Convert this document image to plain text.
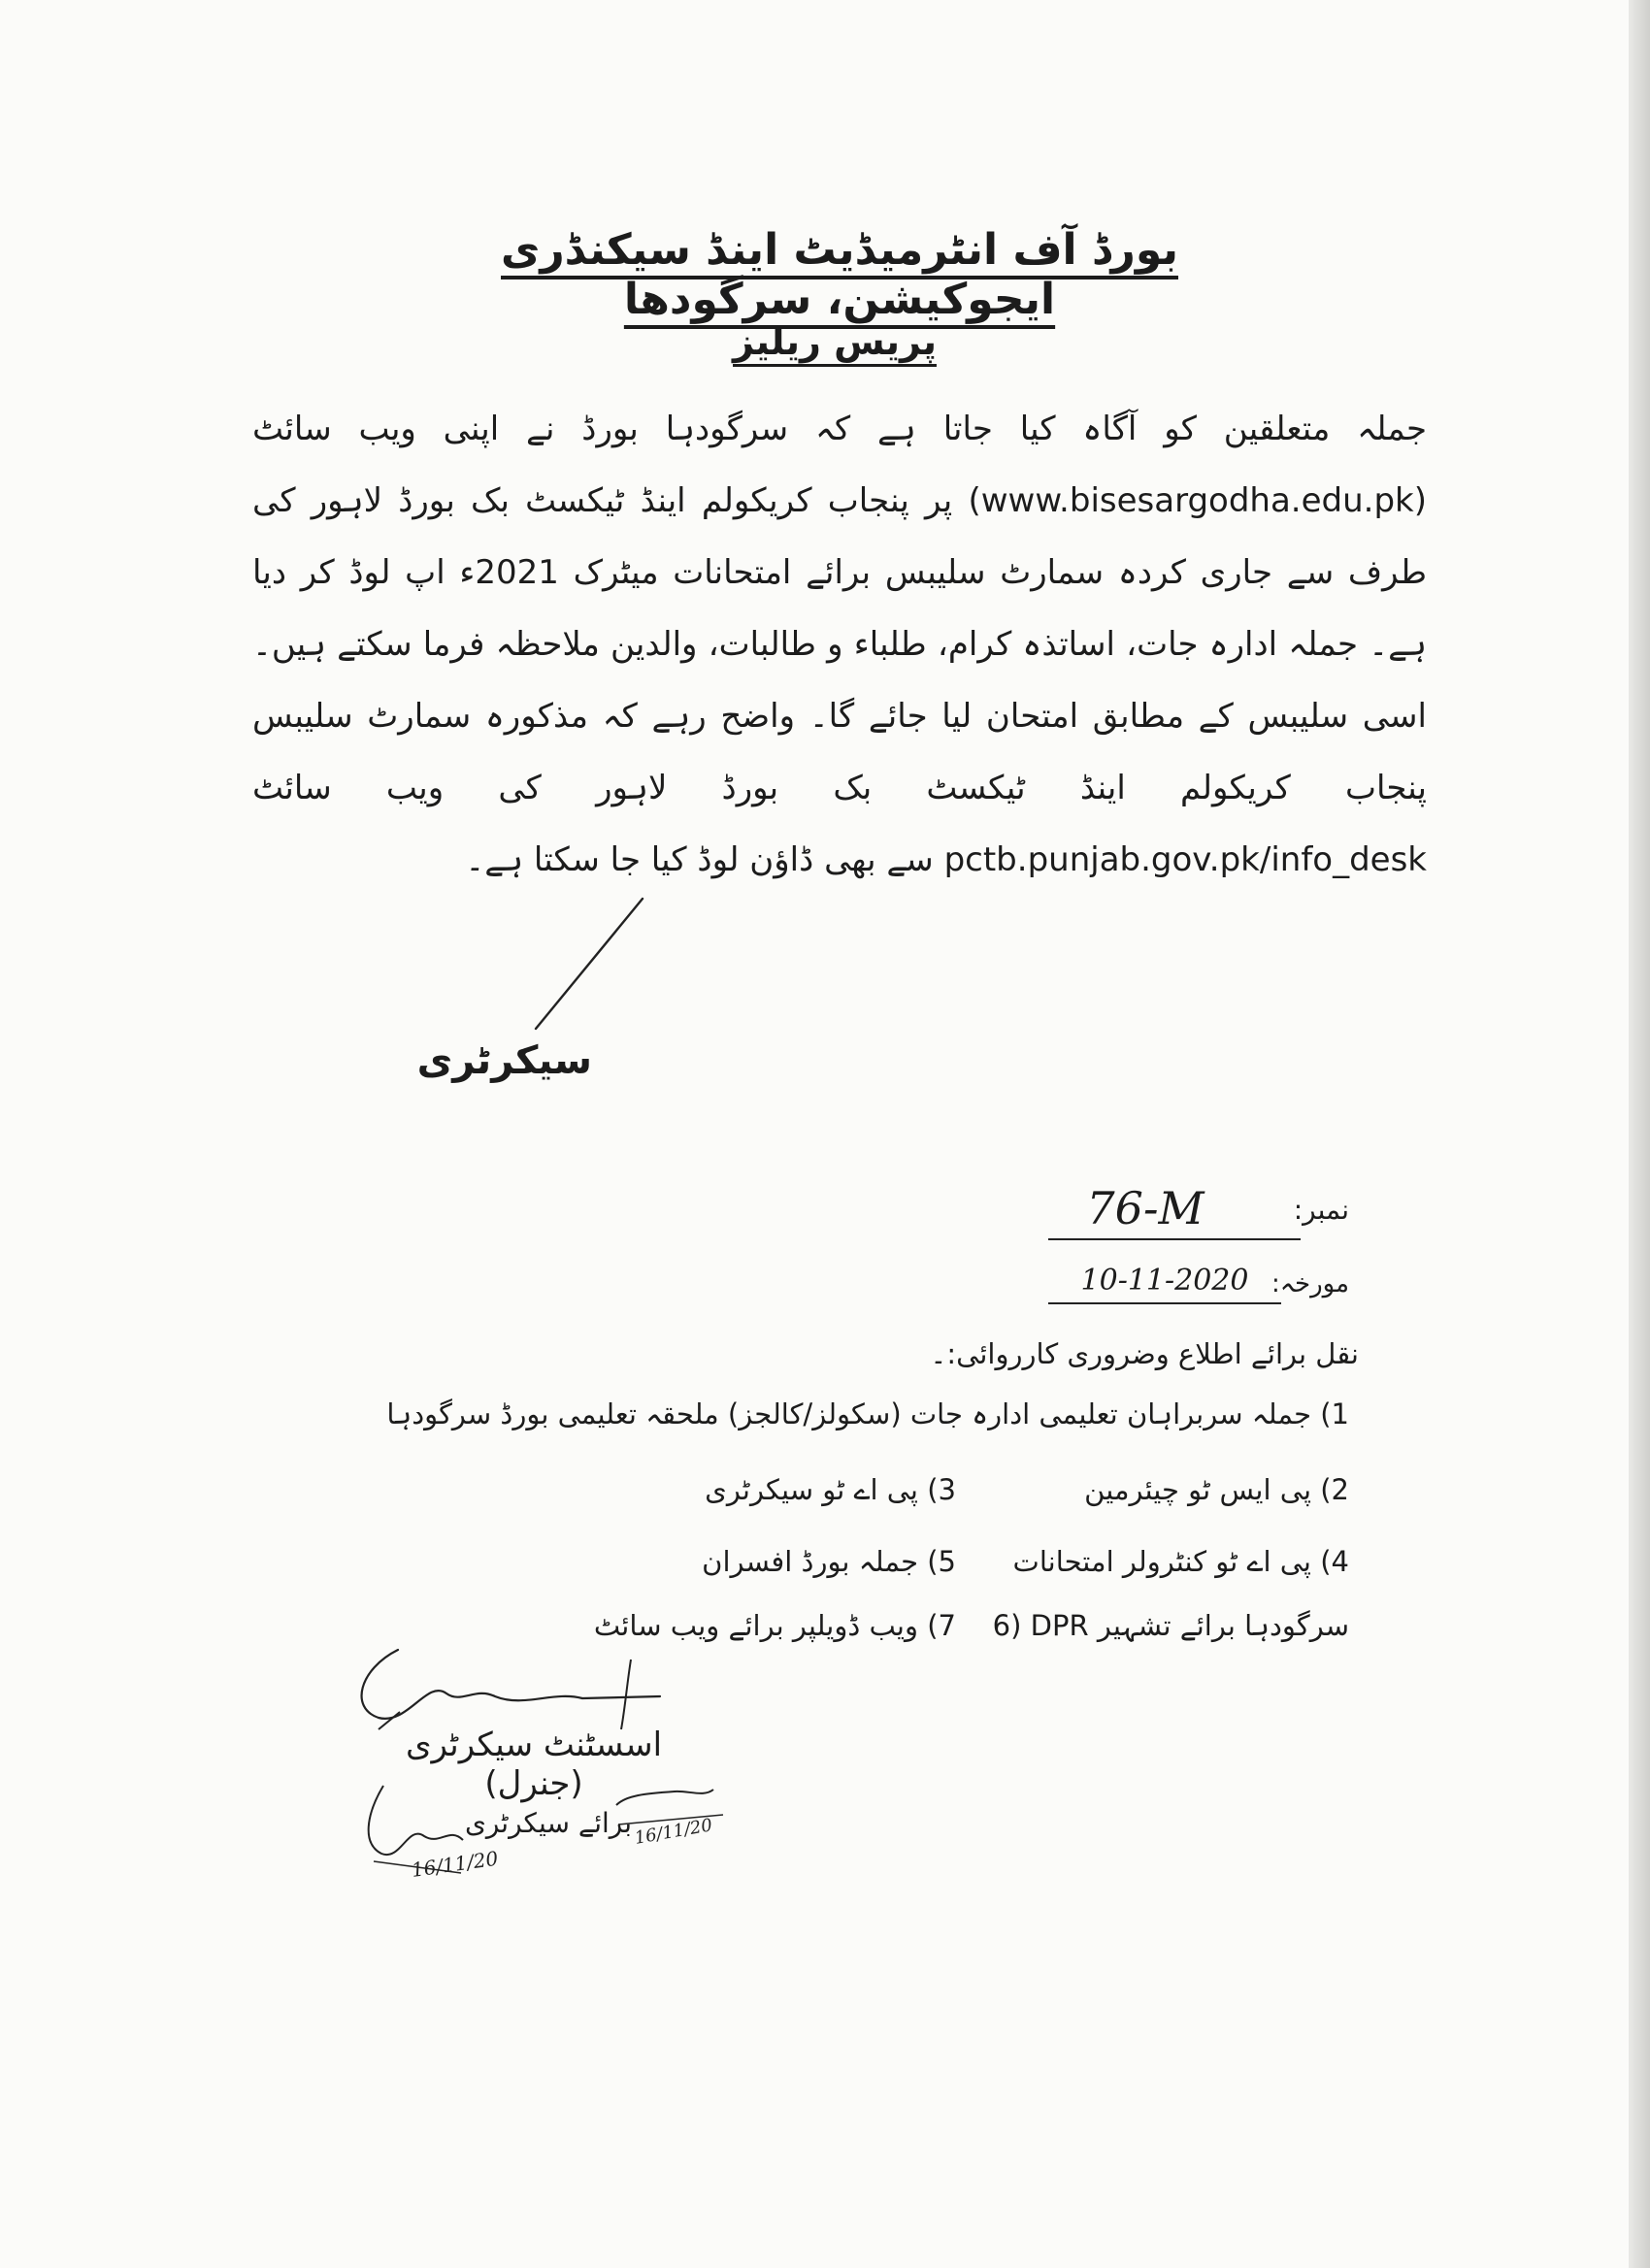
بورڈ آف انٹرمیڈیٹ اینڈ سیکنڈری ایجوکیشن، سرگودھا
پریس ریلیز
جملہ متعلقین کو آگاہ کیا جاتا ہے کہ سرگودہا بورڈ نے اپنی ویب سائٹ (www.bisesargodha.edu.pk) پر پنجاب کریکولم اینڈ ٹیکسٹ بک بورڈ لاہور کی طرف سے جاری کردہ سمارٹ سلیبس برائے امتحانات میٹرک 2021ء اپ لوڈ کر دیا ہے۔ جملہ ادارہ جات، اساتذہ کرام، طلباء و طالبات، والدین ملاحظہ فرما سکتے ہیں۔ اسی سلیبس کے مطابق امتحان لیا جائے گا۔ واضح رہے کہ مذکورہ سمارٹ سلیبس پنجاب کریکولم اینڈ ٹیکسٹ بک بورڈ لاہور کی ویب سائٹ pctb.punjab.gov.pk/info_desk سے بھی ڈاؤن لوڈ کیا جا سکتا ہے۔
سیکرٹری
نمبر:
76-M
مورخہ:
10-11-2020
نقل برائے اطلاع وضروری کارروائی:۔
1) جملہ سربراہان تعلیمی ادارہ جات (سکولز/کالجز) ملحقہ تعلیمی بورڈ سرگودہا
2) پی ایس ٹو چیئرمین
3) پی اے ٹو سیکرٹری
4) پی اے ٹو کنٹرولر امتحانات
5) جملہ بورڈ افسران
6) DPR سرگودہا برائے تشہیر
7) ویب ڈویلپر برائے ویب سائٹ
اسسٹنٹ سیکرٹری (جنرل)
16/11/20
16/11/20
برائے سیکرٹری
